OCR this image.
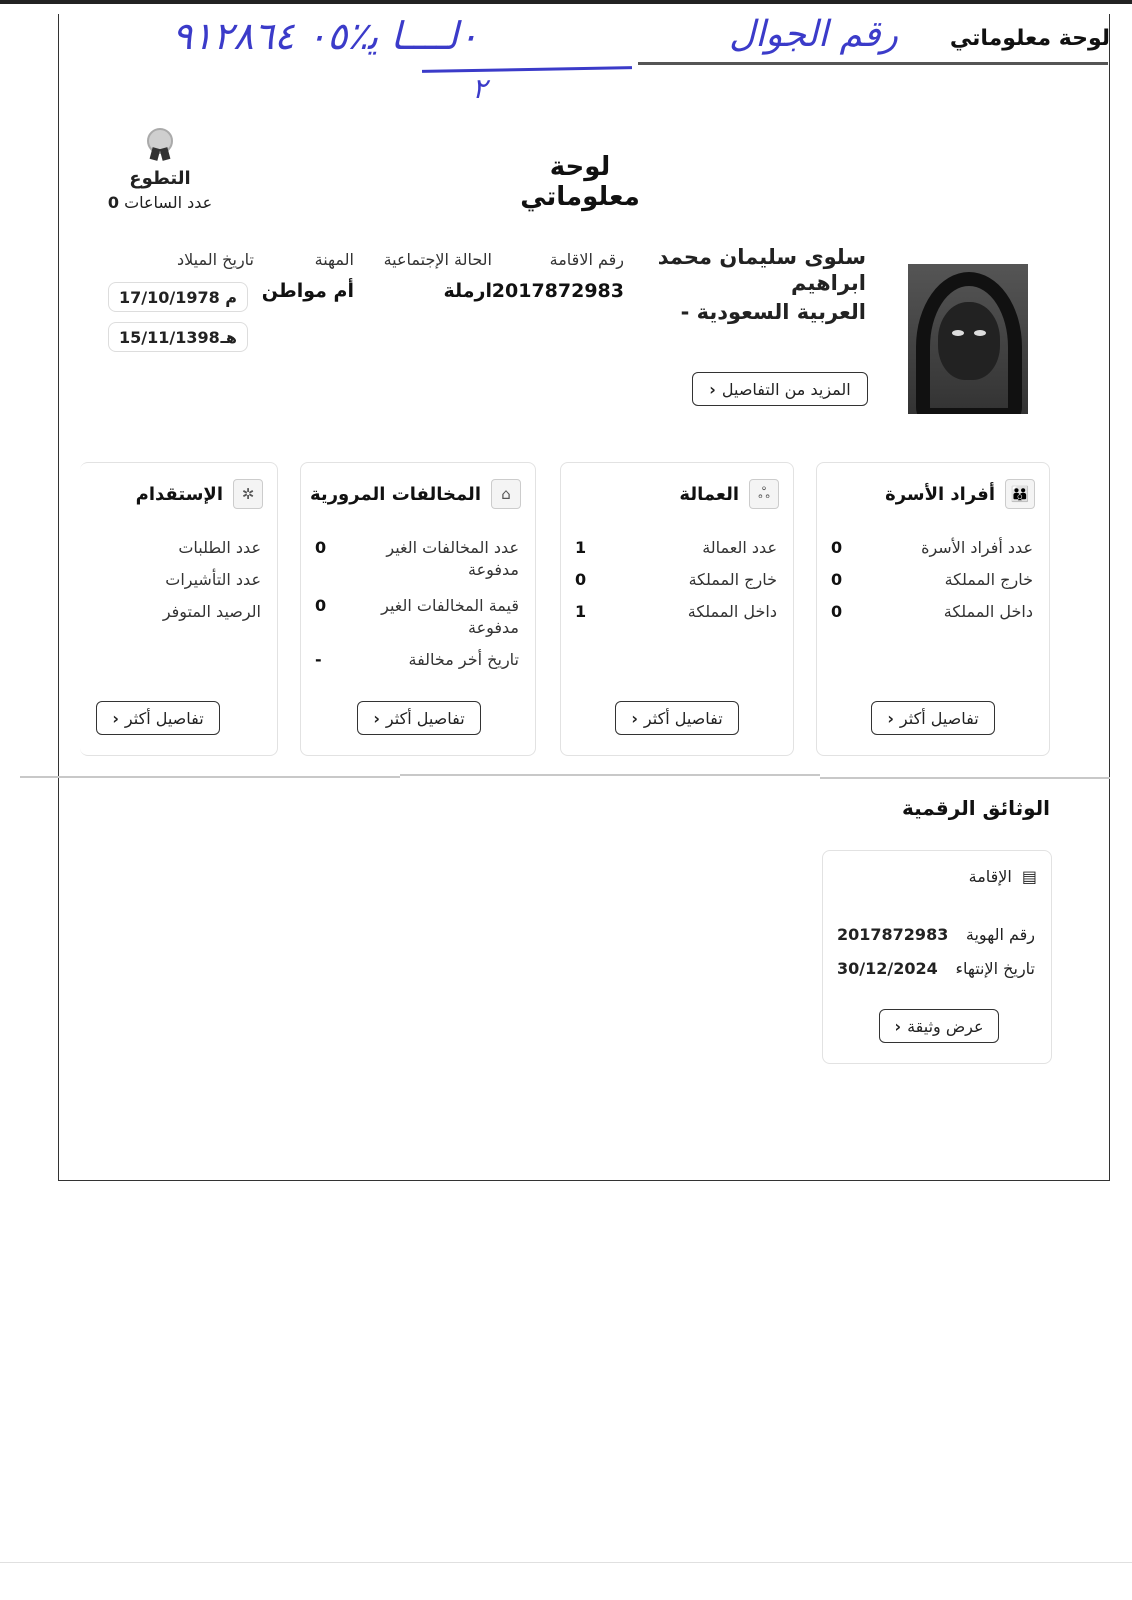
٠ﻟــــﺎ ﻳ٪٠٥ ٩١٢٨٦٤
٢
رقم الجوال لوحة معلوماتي
لوحة معلوماتي
التطوع
عدد الساعات 0
سلوى سليمان محمد ابراهيم
العربية السعودية -
المزيد من التفاصيل
‹
رقم الاقامة
2017872983
الحالة الإجتماعية
ارملة
المهنة
أم مواطن
تاريخ الميلاد
م
17/10/1978
هـ
15/11/1398
👪
أفراد الأسرة
عدد أفراد الأسرة
0
خارج المملكة
0
داخل المملكة
0
تفاصيل أكثر
‹
ஃ
العمالة
عدد العمالة
1
خارج المملكة
0
داخل المملكة
1
تفاصيل أكثر
‹
⌂
المخالفات المرورية
عدد المخالفات الغير مدفوعة
0
قيمة المخالفات الغير مدفوعة
0
تاريخ أخر مخالفة
-
تفاصيل أكثر
‹
✲
الإستقدام
عدد الطلبات
عدد التأشيرات
الرصيد المتوفر
تفاصيل أكثر
‹
الوثائق الرقمية
▤
الإقامة
رقم الهوية
2017872983
تاريخ الإنتهاء
30/12/2024
عرض وثيقة
‹
